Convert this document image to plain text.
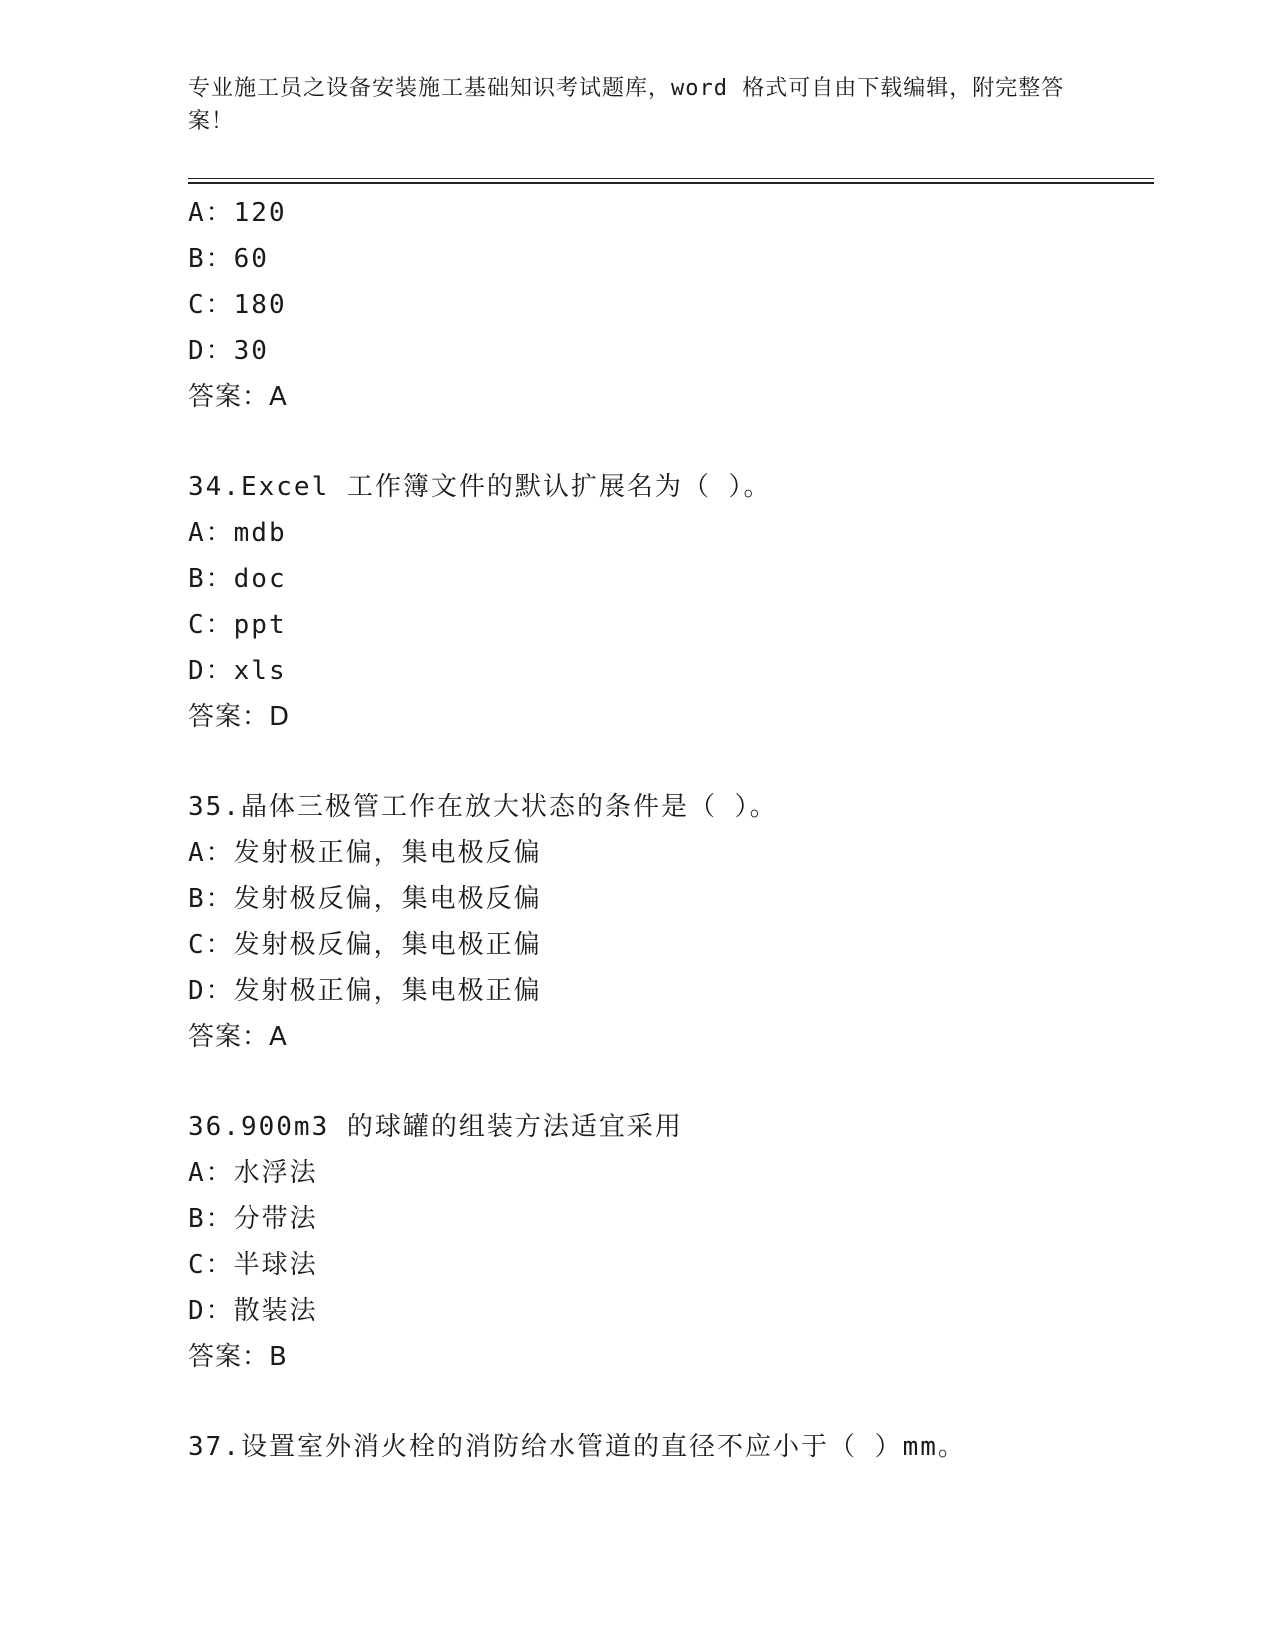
专业施工员之设备安装施工基础知识考试题库，word 格式可自由下载编辑，附完整答案！
A：120
B：60
C：180
D：30
答案：A
34.Excel 工作簿文件的默认扩展名为（ ）。
A：mdb
B：doc
C：ppt
D：xls
答案：D
35.晶体三极管工作在放大状态的条件是（ ）。
A：发射极正偏，集电极反偏
B：发射极反偏，集电极反偏
C：发射极反偏，集电极正偏
D：发射极正偏，集电极正偏
答案：A
36.900m3 的球罐的组装方法适宜采用
A：水浮法
B：分带法
C：半球法
D：散装法
答案：B
37.设置室外消火栓的消防给水管道的直径不应小于（ ）mm。
